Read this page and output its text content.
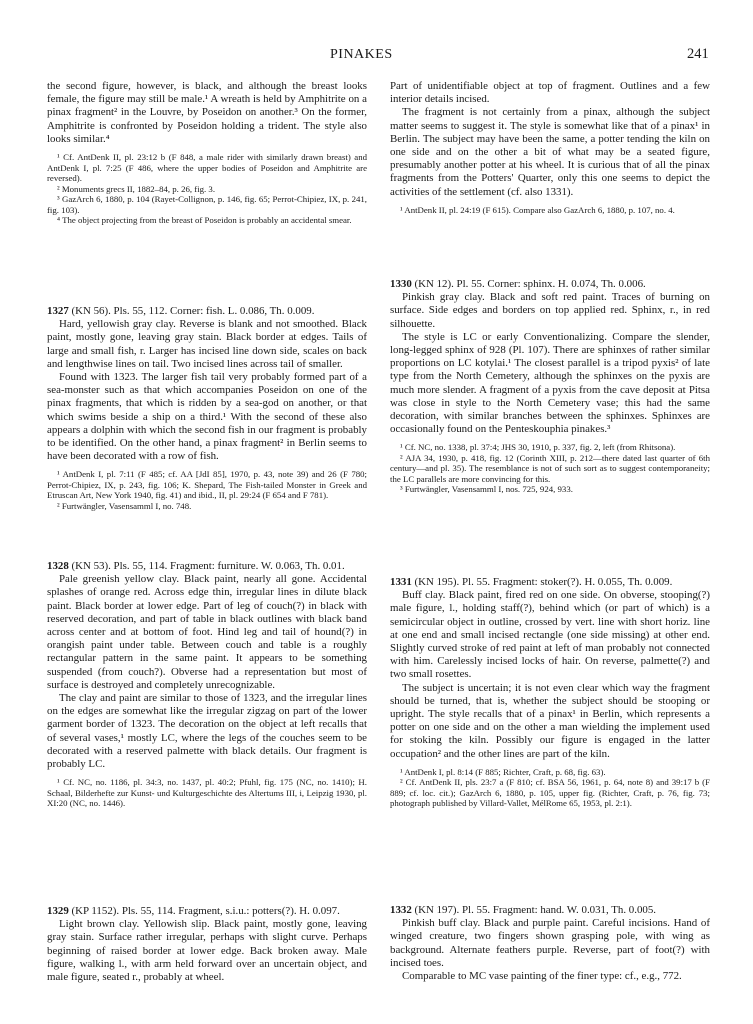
PINAKES	241

the second figure, however, is black, and although the breast looks female, the figure may still be male.¹ A wreath is held by Amphitrite on a pinax fragment² in the Louvre, by Poseidon on another.³ On the former, Amphitrite is confronted by Poseidon holding a trident. The style also looks similar.⁴

¹ Cf. AntDenk II, pl. 23:12 b (F 848, a male rider with similarly drawn breast) and AntDenk I, pl. 7:25 (F 486, where the upper bodies of Poseidon and Amphitrite are reversed).

² Monuments grecs II, 1882–84, p. 26, fig. 3.

³ GazArch 6, 1880, p. 104 (Rayet-Collignon, p. 146, fig. 65; Perrot-Chipiez, IX, p. 241, fig. 103).

⁴ The object projecting from the breast of Poseidon is probably an accidental smear.

1327 (KN 56). Pls. 55, 112. Corner: fish. L. 0.086, Th. 0.009.

Hard, yellowish gray clay. Reverse is blank and not smoothed. Black paint, mostly gone, leaving gray stain. Black border at edges. Tails of large and small fish, r. Larger has incised line down side, scales on back and lengthwise lines on tail. Two incised lines across tail of smaller.

Found with 1323. The larger fish tail very probably formed part of a sea-monster such as that which accompanies Poseidon on one of the pinax fragments, that which is ridden by a sea-god on another, or that which swims beside a ship on a third.¹ With the second of these also appears a dolphin with which the second fish in our fragment is probably to be identified. On the other hand, a pinax fragment² in Berlin seems to have been decorated with a row of fish.

¹ AntDenk I, pl. 7:11 (F 485; cf. AA [JdI 85], 1970, p. 43, note 39) and 26 (F 780; Perrot-Chipiez, IX, p. 243, fig. 106; K. Shepard, The Fish-tailed Monster in Greek and Etruscan Art, New York 1940, fig. 41) and ibid., II, pl. 29:24 (F 654 and F 781).

² Furtwängler, Vasensamml I, no. 748.

1328 (KN 53). Pls. 55, 114. Fragment: furniture. W. 0.063, Th. 0.01.

Pale greenish yellow clay. Black paint, nearly all gone. Accidental splashes of orange red. Across edge thin, irregular lines in dilute black paint. Black border at lower edge. Part of leg of couch(?) in black with reserved decoration, and part of table in black outlines with black band across center and at bottom of foot. Hind leg and tail of hound(?) in orangish paint under table. Between couch and table is a roughly rectangular pattern in the same paint. It appears to be something suspended (from couch?). Obverse had a representation but most of surface is destroyed and completely unrecognizable.

The clay and paint are similar to those of 1323, and the irregular lines on the edges are somewhat like the irregular zigzag on part of the lower garment border of 1323. The decoration on the object at left recalls that of several vases,¹ mostly LC, where the legs of the couches seem to be decorated with a reserved palmette with black details. Our fragment is probably LC.

¹ Cf. NC, no. 1186, pl. 34:3, no. 1437, pl. 40:2; Pfuhl, fig. 175 (NC, no. 1410); H. Schaal, Bilderhefte zur Kunst- und Kulturgeschichte des Altertums III, i, Leipzig 1930, pl. XI:20 (NC, no. 1446).

1329 (KP 1152). Pls. 55, 114. Fragment, s.i.u.: potters(?). H. 0.097.

Light brown clay. Yellowish slip. Black paint, mostly gone, leaving gray stain. Surface rather irregular, perhaps with slight curve. Perhaps beginning of raised border at lower edge. Back broken away. Male figure, walking l., with arm held forward over an uncertain object, and male figure, seated r., probably at wheel.

Part of unidentifiable object at top of fragment. Outlines and a few interior details incised.

The fragment is not certainly from a pinax, although the subject matter seems to suggest it. The style is somewhat like that of a pinax¹ in Berlin. The subject may have been the same, a potter tending the kiln on one side and on the other a bit of what may be a seated figure, presumably another potter at his wheel. It is curious that of all the pinax fragments from the Potters' Quarter, only this one seems to depict the activities of the settlement (cf. also 1331).

¹ AntDenk II, pl. 24:19 (F 615). Compare also GazArch 6, 1880, p. 107, no. 4.

1330 (KN 12). Pl. 55. Corner: sphinx. H. 0.074, Th. 0.006.

Pinkish gray clay. Black and soft red paint. Traces of burning on surface. Side edges and borders on top applied red. Sphinx, r., in red silhouette.

The style is LC or early Conventionalizing. Compare the slender, long-legged sphinx of 928 (Pl. 107). There are sphinxes of rather similar proportions on LC kotylai.¹ The closest parallel is a tripod pyxis² of late type from the North Cemetery, although the sphinxes on the pyxis are much more slender. A fragment of a pyxis from the cave deposit at Pitsa was close in style to the North Cemetery vase; this had the same decoration, with similar branches between the sphinxes. Sphinxes are occasionally found on the Penteskouphia pinakes.³

¹ Cf. NC, no. 1338, pl. 37:4; JHS 30, 1910, p. 337, fig. 2, left (from Rhitsona).

² AJA 34, 1930, p. 418, fig. 12 (Corinth XIII, p. 212—there dated last quarter of 6th century—and pl. 35). The resemblance is not of such sort as to suggest contemporaneity; the LC parallels are more convincing for this.

³ Furtwängler, Vasensamml I, nos. 725, 924, 933.

1331 (KN 195). Pl. 55. Fragment: stoker(?). H. 0.055, Th. 0.009.

Buff clay. Black paint, fired red on one side. On obverse, stooping(?) male figure, l., holding staff(?), behind which (or part of which) is a semicircular object in outline, crossed by vert. line with short horiz. line at one end and small incised rectangle (one side missing) at other end. Slightly curved stroke of red paint at left of man probably not connected with him. Carelessly incised locks of hair. On reverse, palmette(?) and two small rosettes.

The subject is uncertain; it is not even clear which way the fragment should be turned, that is, whether the subject should be stooping or upright. The style recalls that of a pinax¹ in Berlin, which represents a potter on one side and on the other a man wielding the implement used for stoking the kiln. Possibly our figure is engaged in the latter occupation² and the other lines are part of the kiln.

¹ AntDenk I, pl. 8:14 (F 885; Richter, Craft, p. 68, fig. 63).

² Cf. AntDenk II, pls. 23:7 a (F 810; cf. BSA 56, 1961, p. 64, note 8) and 39:17 b (F 889; cf. loc. cit.); GazArch 6, 1880, p. 105, upper fig. (Richter, Craft, p. 76, fig. 73; photograph published by Villard-Vallet, MélRome 65, 1953, pl. 2:1).

1332 (KN 197). Pl. 55. Fragment: hand. W. 0.031, Th. 0.005.

Pinkish buff clay. Black and purple paint. Careful incisions. Hand of winged creature, two fingers shown grasping pole, with wing as background. Alternate feathers purple. Reverse, part of foot(?) with incised toes.

Comparable to MC vase painting of the finer type: cf., e.g., 772.
